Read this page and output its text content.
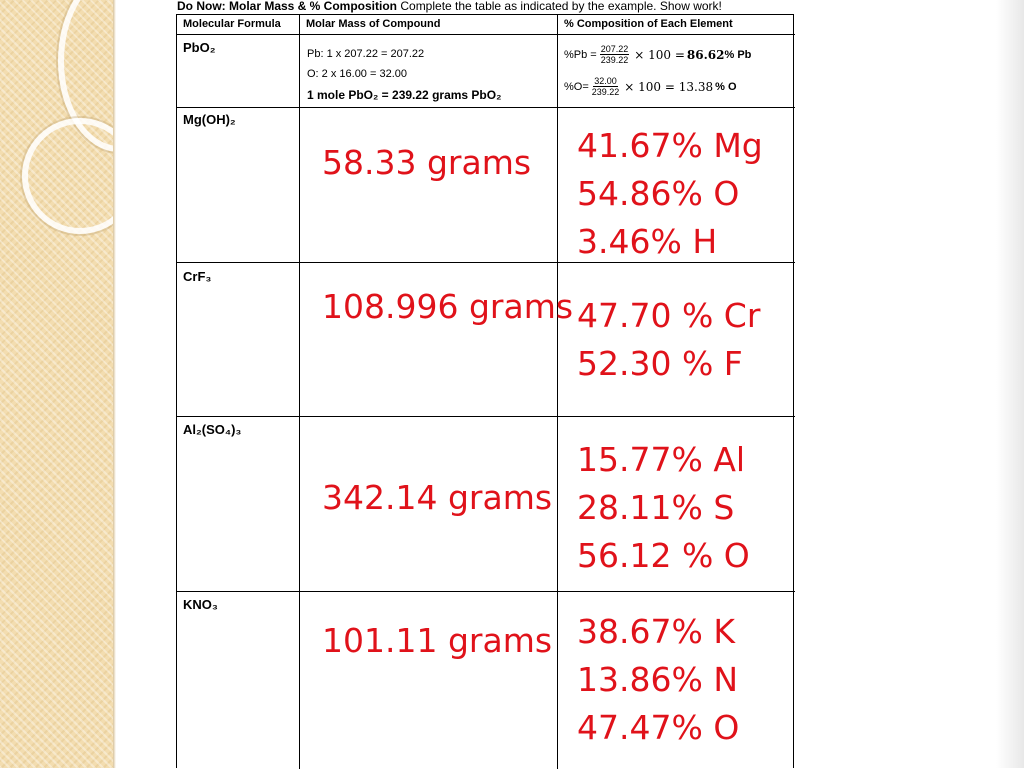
Do Now: Molar Mass & % Composition Complete the table as indicated by the example. Show work!
Molecular Formula Molar Mass of Compound	% Composition of Each Element
PbO₂	Pb: 1 x 207.22 = 207.22
O: 2 x 16.00 = 32.00
1 mole PbO₂ = 239.22 grams PbO₂
$\%Pb = \frac{207.22}{239.22} \times 100 = 86.62$ % Pb
$\%O= \frac{32.00}{239.22} \times 100 = 13.38$ % O
Mg(OH)₂
58.33 grams 41.67% Mg
54.86% O
3.46% H
CrF₃
108.996 grams 47.70 % Cr
52.30 % F
Al₂(SO₄)₃
342.14 grams
15.77% Al
28.11% S
56.12 % O
KNO₃
101.11 grams 38.67% K
13.86% N
47.47% O
